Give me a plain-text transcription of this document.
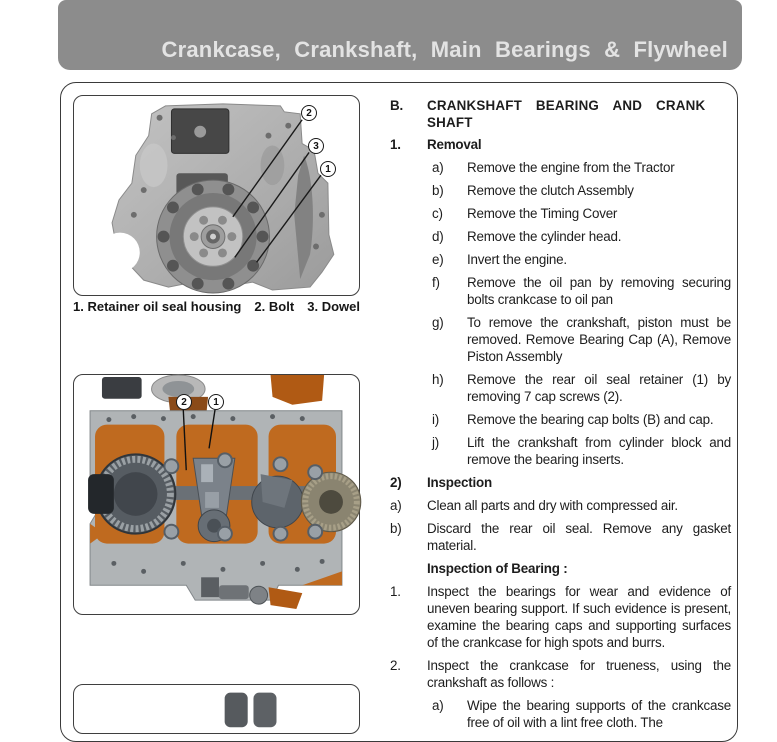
Crankcase, Crankshaft, Main Bearings & Flywheel
2
3
1
1. Retainer oil seal housing 2. Bolt 3. Dowel
2	1
B.	CRANKSHAFT BEARING AND CRANK SHAFT
1.	Removal
a)	Remove the engine from the Tractor
b)	Remove the clutch Assembly
c)	Remove the Timing Cover
d)	Remove the cylinder head.
e)	Invert the engine.
f)	Remove the oil pan by removing securing bolts crankcase to oil pan
g)	To remove the crankshaft, piston must be removed. Remove Bearing Cap (A), Remove Piston Assembly
h)	Remove the rear oil seal retainer (1) by removing 7 cap screws (2).
i)	Remove the bearing cap bolts (B) and cap.
j)	Lift the crankshaft from cylinder block and remove the bearing inserts.
2)	Inspection
a)	Clean all parts and dry with compressed air.
b)	Discard the rear oil seal. Remove any gasket material.
Inspection of Bearing :
1.	Inspect the bearings for wear and evidence of uneven bearing support. If such evidence is present, examine the bearing caps and supporting surfaces of the crankcase for high spots and burrs.
2.	Inspect the crankcase for trueness, using the crankshaft as follows :
a)	Wipe the bearing supports of the crankcase free of oil with a lint free cloth. The
